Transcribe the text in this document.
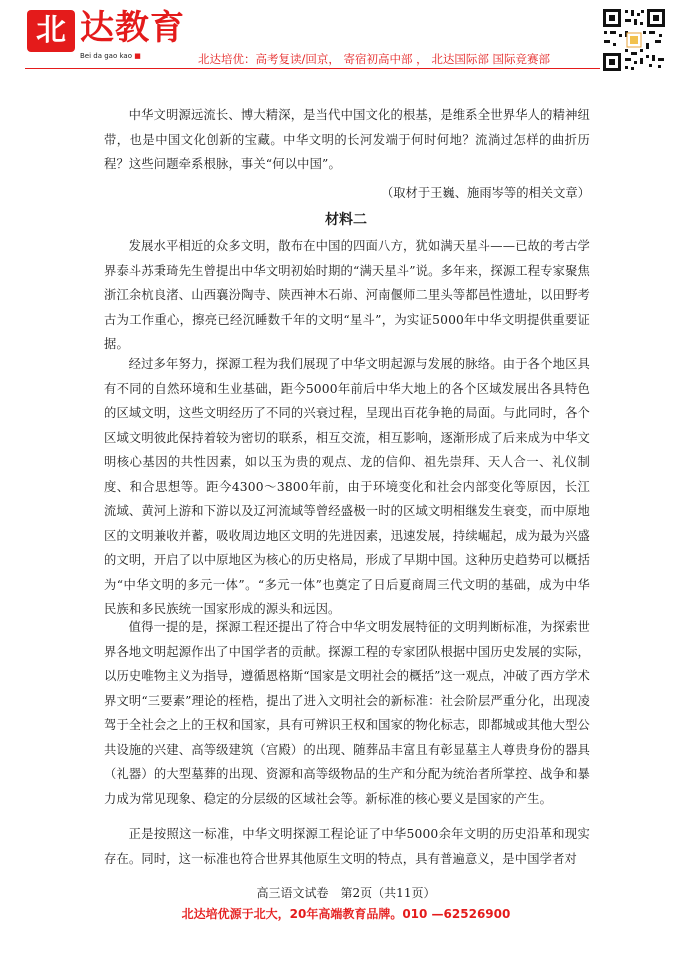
北 达教育
Bei da gao kao ■	北达培优：高考复读/回京， 寄宿初高中部 ， 北达国际部 国际竞赛部

中华文明源远流长、博大精深，是当代中国文化的根基，是维系全世界华人的精神纽带，也是中国文化创新的宝藏。中华文明的长河发端于何时何地？流淌过怎样的曲折历程？这些问题牵系根脉，事关“何以中国”。

（取材于王巍、施雨岑等的相关文章）
材料二

发展水平相近的众多文明，散布在中国的四面八方，犹如满天星斗——已故的考古学界泰斗苏秉琦先生曾提出中华文明初始时期的“满天星斗”说。多年来，探源工程专家聚焦浙江余杭良渚、山西襄汾陶寺、陕西神木石峁、河南偃师二里头等都邑性遗址，以田野考古为工作重心，擦亮已经沉睡数千年的文明“星斗”，为实证5000年中华文明提供重要证据。

经过多年努力，探源工程为我们展现了中华文明起源与发展的脉络。由于各个地区具有不同的自然环境和生业基础，距今5000年前后中华大地上的各个区域发展出各具特色的区域文明，这些文明经历了不同的兴衰过程，呈现出百花争艳的局面。与此同时，各个区域文明彼此保持着较为密切的联系，相互交流，相互影响，逐渐形成了后来成为中华文明核心基因的共性因素，如以玉为贵的观点、龙的信仰、祖先崇拜、天人合一、礼仪制度、和合思想等。距今4300～3800年前，由于环境变化和社会内部变化等原因，长江流域、黄河上游和下游以及辽河流域等曾经盛极一时的区域文明相继发生衰变，而中原地区的文明兼收并蓄，吸收周边地区文明的先进因素，迅速发展，持续崛起，成为最为兴盛的文明，开启了以中原地区为核心的历史格局，形成了早期中国。这种历史趋势可以概括为“中华文明的多元一体”。“多元一体”也奠定了日后夏商周三代文明的基础，成为中华民族和多民族统一国家形成的源头和远因。

值得一提的是，探源工程还提出了符合中华文明发展特征的文明判断标准，为探索世界各地文明起源作出了中国学者的贡献。探源工程的专家团队根据中国历史发展的实际，以历史唯物主义为指导，遵循恩格斯“国家是文明社会的概括”这一观点，冲破了西方学术界文明“三要素”理论的桎梏，提出了进入文明社会的新标准：社会阶层严重分化，出现凌驾于全社会之上的王权和国家，具有可辨识王权和国家的物化标志，即都城或其他大型公共设施的兴建、高等级建筑（宫殿）的出现、随葬品丰富且有彰显墓主人尊贵身份的器具（礼器）的大型墓葬的出现、资源和高等级物品的生产和分配为统治者所掌控、战争和暴力成为常见现象、稳定的分层级的区域社会等。新标准的核心要义是国家的产生。

正是按照这一标准，中华文明探源工程论证了中华5000余年文明的历史沿革和现实存在。同时，这一标准也符合世界其他原生文明的特点，具有普遍意义，是中国学者对

高三语文试卷　第2页（共11页）
北达培优源于北大，20年高端教育品牌。010 —62526900
